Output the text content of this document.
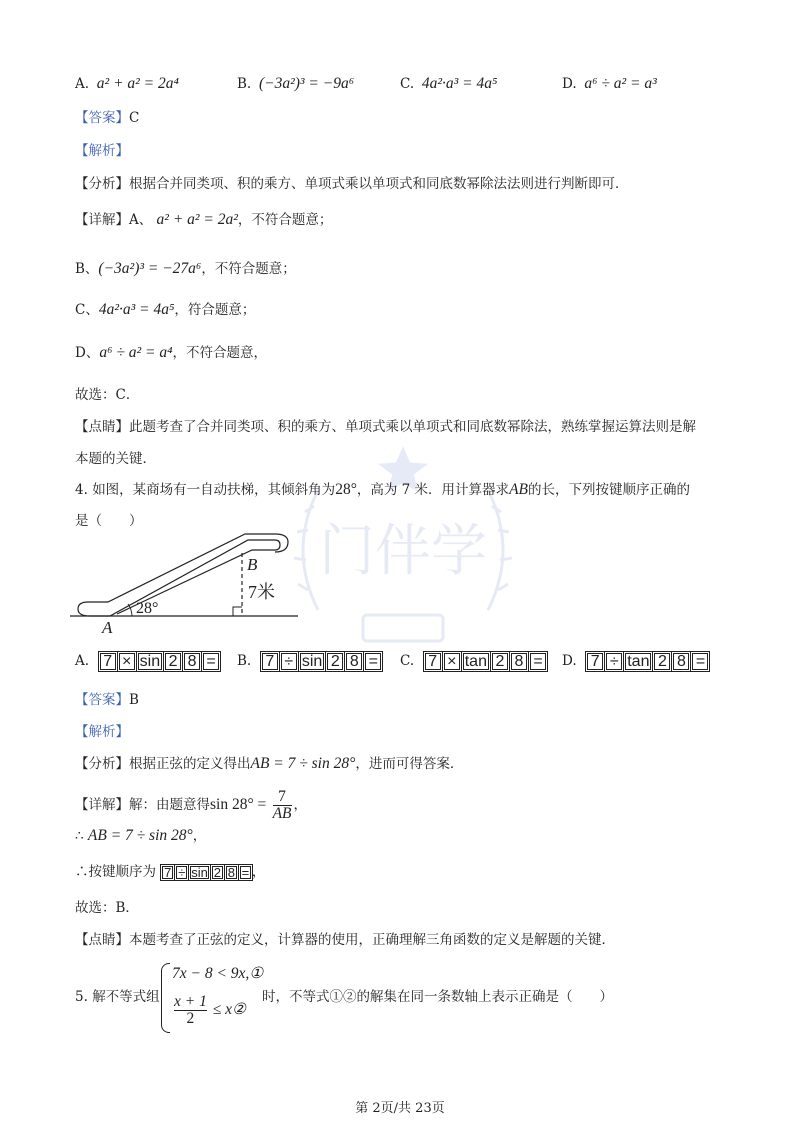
门伴学
A. a² + a² = 2a⁴	B. (−3a²)³ = −9a⁶	C. 4a²·a³ = 4a⁵	D. a⁶ ÷ a² = a³
【答案】C
【解析】
【分析】根据合并同类项、积的乘方、单项式乘以单项式和同底数幂除法法则进行判断即可．
【详解】A、 a² + a² = 2a²，不符合题意；
B、(−3a²)³ = −27a⁶，不符合题意；
C、4a²·a³ = 4a⁵，符合题意；
D、a⁶ ÷ a² = a⁴，不符合题意，
故选：C．
【点睛】此题考查了合并同类项、积的乘方、单项式乘以单项式和同底数幂除法，熟练掌握运算法则是解
本题的关键．
4. 如图，某商场有一自动扶梯，其倾斜角为28°，高为 7 米．用计算器求AB的长，下列按键顺序正确的
是（　　）
B
A
7米
28°
A. 7 × sin 2 8 =	B. 7 ÷ sin 2 8 =	C. 7 × tan 2 8 =	D. 7 ÷ tan 2 8 =
【答案】B
【解析】
【分析】根据正弦的定义得出AB = 7 ÷ sin 28°，进而可得答案．
【详解】解：由题意得$\sin 28^\circ = \frac{7}{AB}$ ，
∴ AB = 7 ÷ sin 28°，
∴按键顺序为 7 ÷ sin 2 8 = ，
故选：B．
【点睛】本题考查了正弦的定义，计算器的使用，正确理解三角函数的定义是解题的关键．
5. 解不等式组
7x − 8 < 9x,①
$\frac{x + 1}{2}$ ≤ x②
时，不等式①②的解集在同一条数轴上表示正确是（　　）
第 2页/共 23页
